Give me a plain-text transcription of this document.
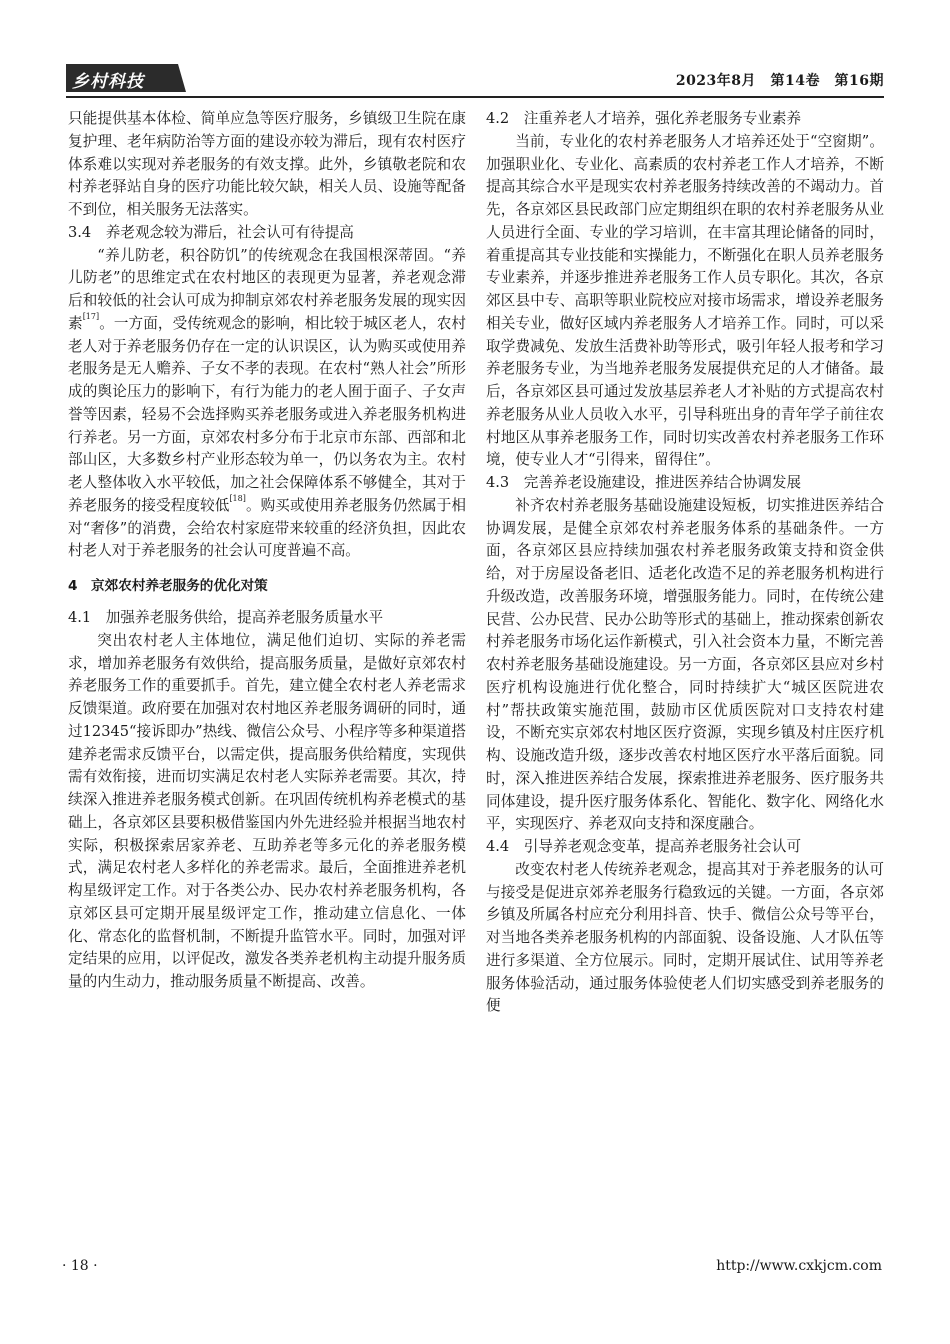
乡村科技	2023年8月　第14卷　第16期

只能提供基本体检、简单应急等医疗服务，乡镇级卫生院在康复护理、老年病防治等方面的建设亦较为滞后，现有农村医疗体系难以实现对养老服务的有效支撑。此外，乡镇敬老院和农村养老驿站自身的医疗功能比较欠缺，相关人员、设施等配备不到位，相关服务无法落实。

3.4　养老观念较为滞后，社会认可有待提高

“养儿防老，积谷防饥”的传统观念在我国根深蒂固。“养儿防老”的思维定式在农村地区的表现更为显著，养老观念滞后和较低的社会认可成为抑制京郊农村养老服务发展的现实因素[17]。一方面，受传统观念的影响，相比较于城区老人，农村老人对于养老服务仍存在一定的认识误区，认为购买或使用养老服务是无人赡养、子女不孝的表现。在农村“熟人社会”所形成的舆论压力的影响下，有行为能力的老人囿于面子、子女声誉等因素，轻易不会选择购买养老服务或进入养老服务机构进行养老。另一方面，京郊农村多分布于北京市东部、西部和北部山区，大多数乡村产业形态较为单一，仍以务农为主。农村老人整体收入水平较低，加之社会保障体系不够健全，其对于养老服务的接受程度较低[18]。购买或使用养老服务仍然属于相对“奢侈”的消费，会给农村家庭带来较重的经济负担，因此农村老人对于养老服务的社会认可度普遍不高。

4　京郊农村养老服务的优化对策

4.1　加强养老服务供给，提高养老服务质量水平

突出农村老人主体地位，满足他们迫切、实际的养老需求，增加养老服务有效供给，提高服务质量，是做好京郊农村养老服务工作的重要抓手。首先，建立健全农村老人养老需求反馈渠道。政府要在加强对农村地区养老服务调研的同时，通过12345“接诉即办”热线、微信公众号、小程序等多种渠道搭建养老需求反馈平台，以需定供，提高服务供给精度，实现供需有效衔接，进而切实满足农村老人实际养老需要。其次，持续深入推进养老服务模式创新。在巩固传统机构养老模式的基础上，各京郊区县要积极借鉴国内外先进经验并根据当地农村实际，积极探索居家养老、互助养老等多元化的养老服务模式，满足农村老人多样化的养老需求。最后，全面推进养老机构星级评定工作。对于各类公办、民办农村养老服务机构，各京郊区县可定期开展星级评定工作，推动建立信息化、一体化、常态化的监督机制，不断提升监管水平。同时，加强对评定结果的应用，以评促改，激发各类养老机构主动提升服务质量的内生动力，推动服务质量不断提高、改善。

4.2　注重养老人才培养，强化养老服务专业素养

当前，专业化的农村养老服务人才培养还处于“空窗期”。加强职业化、专业化、高素质的农村养老工作人才培养，不断提高其综合水平是现实农村养老服务持续改善的不竭动力。首先，各京郊区县民政部门应定期组织在职的农村养老服务从业人员进行全面、专业的学习培训，在丰富其理论储备的同时，着重提高其专业技能和实操能力，不断强化在职人员养老服务专业素养，并逐步推进养老服务工作人员专职化。其次，各京郊区县中专、高职等职业院校应对接市场需求，增设养老服务相关专业，做好区域内养老服务人才培养工作。同时，可以采取学费减免、发放生活费补助等形式，吸引年轻人报考和学习养老服务专业，为当地养老服务发展提供充足的人才储备。最后，各京郊区县可通过发放基层养老人才补贴的方式提高农村养老服务从业人员收入水平，引导科班出身的青年学子前往农村地区从事养老服务工作，同时切实改善农村养老服务工作环境，使专业人才“引得来，留得住”。

4.3　完善养老设施建设，推进医养结合协调发展

补齐农村养老服务基础设施建设短板，切实推进医养结合协调发展，是健全京郊农村养老服务体系的基础条件。一方面，各京郊区县应持续加强农村养老服务政策支持和资金供给，对于房屋设备老旧、适老化改造不足的养老服务机构进行升级改造，改善服务环境，增强服务能力。同时，在传统公建民营、公办民营、民办公助等形式的基础上，推动探索创新农村养老服务市场化运作新模式，引入社会资本力量，不断完善农村养老服务基础设施建设。另一方面，各京郊区县应对乡村医疗机构设施进行优化整合，同时持续扩大“城区医院进农村”帮扶政策实施范围，鼓励市区优质医院对口支持农村建设，不断充实京郊农村地区医疗资源，实现乡镇及村庄医疗机构、设施改造升级，逐步改善农村地区医疗水平落后面貌。同时，深入推进医养结合发展，探索推进养老服务、医疗服务共同体建设，提升医疗服务体系化、智能化、数字化、网络化水平，实现医疗、养老双向支持和深度融合。

4.4　引导养老观念变革，提高养老服务社会认可

改变农村老人传统养老观念，提高其对于养老服务的认可与接受是促进京郊养老服务行稳致远的关键。一方面，各京郊乡镇及所属各村应充分利用抖音、快手、微信公众号等平台，对当地各类养老服务机构的内部面貌、设备设施、人才队伍等进行多渠道、全方位展示。同时，定期开展试住、试用等养老服务体验活动，通过服务体验使老人们切实感受到养老服务的便

· 18 ·	http://www.cxkjcm.com
